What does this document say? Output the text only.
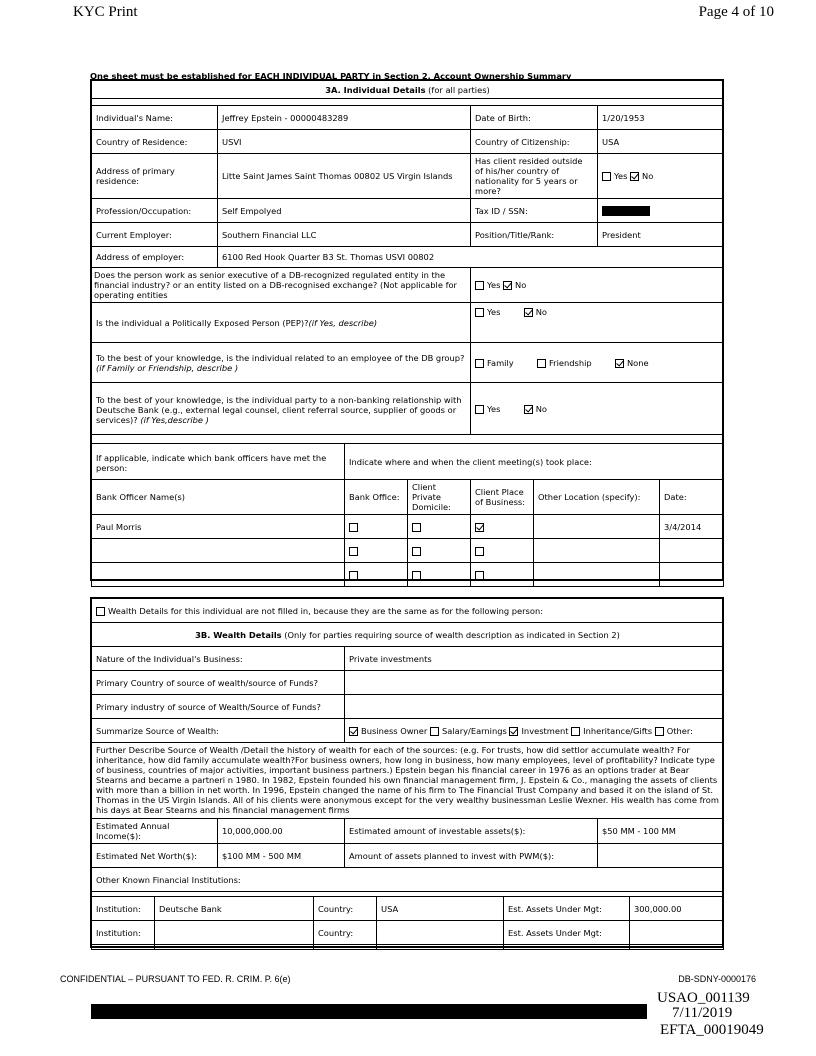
KYC Print	Page 4 of 10
One sheet must be established for EACH INDIVIDUAL PARTY in Section 2. Account Ownership Summary
3A. Individual Details (for all parties)			

Individual's Name:	Jeffrey Epstein - 00000483289	Date of Birth:	1/20/1953
Country of Residence:	USVI	Country of Citizenship:	USA
Address of primary residence:	Litte Saint James Saint Thomas 00802 US Virgin Islands	Has client resided outside of his/her country of nationality for 5 years or more?	Yes No
Profession/Occupation:	Self Empolyed	Tax ID / SSN:	

Current Employer:	Southern Financial LLC	Position/Title/Rank:	President
Address of employer:	6100 Red Hook Quarter B3 St. Thomas USVI 00802		
Does the person work as senior executive of a DB-recognized regulated entity in the financial industry? or an entity listed on a DB-recognised exchange? (Not applicable for operating entities		Yes No	
Is the individual a Politically Exposed Person (PEP)?(if Yes, describe)		Yes No	
To the best of your knowledge, is the individual related to an employee of the DB group?(if Family or Friendship, describe )		Family Friendship None	
To the best of your knowledge, is the individual party to a non-banking relationship with Deutsche Bank (e.g., external legal counsel, client referral source, supplier of goods or services)? (if Yes,describe )		Yes No	
If applicable, indicate which bank officers have met the person:	Indicate where and when the client meeting(s) took place:				
Bank Officer Name(s)	Bank Office:	Client Private Domicile:	Client Place of Business:	Other Location (specify):	Date:
Paul Morris					3/4/2014

Wealth Details for this individual are not filled in, because they are the same as for the following person:			
3B. Wealth Details (Only for parties requiring source of wealth description as indicated in Section 2)			
Nature of the Individual's Business:		Private investments	
Primary Country of source of wealth/source of Funds?			
Primary industry of source of Wealth/Source of Funds?			
Summarize Source of Wealth:		Business Owner Salary/Earnings Investment Inheritance/Gifts Other:	
Further Describe Source of Wealth /Detail the history of wealth for each of the sources: (e.g. For trusts, how did settlor accumulate wealth? For inheritance, how did family accumulate wealth?For business owners, how long in business, how many employees, level of profitability? Indicate type of business, countries of major activities, important business partners.) Epstein began his financial career in 1976 as an options trader at Bear Stearns and became a partneri n 1980. In 1982, Epstein founded his own financial management firm, J. Epstein & Co., managing the assets of clients with more than a billion in net worth. In 1996, Epstein changed the name of his firm to The Financial Trust Company and based it on the island of St. Thomas in the US Virgin Islands. All of his clients were anonymous except for the very wealthy businessman Leslie Wexner. His wealth has come from his days at Bear Stearns and his financial management firms			
Estimated Annual Income($):	10,000,000.00	Estimated amount of investable assets($):	$50 MM - 100 MM
Estimated Net Worth($):	$100 MM - 500 MM	Amount of assets planned to invest with PWM($):	
Other Known Financial Institutions:			
Institution:	Deutsche Bank	Country:	USA	Est. Assets Under Mgt:	300,000.00
Institution:		Country:		Est. Assets Under Mgt:	

CONFIDENTIAL – PURSUANT TO FED. R. CRIM. P. 6(e)	DB-SDNY-0000176
USAO_001139
7/11/2019
EFTA_00019049
